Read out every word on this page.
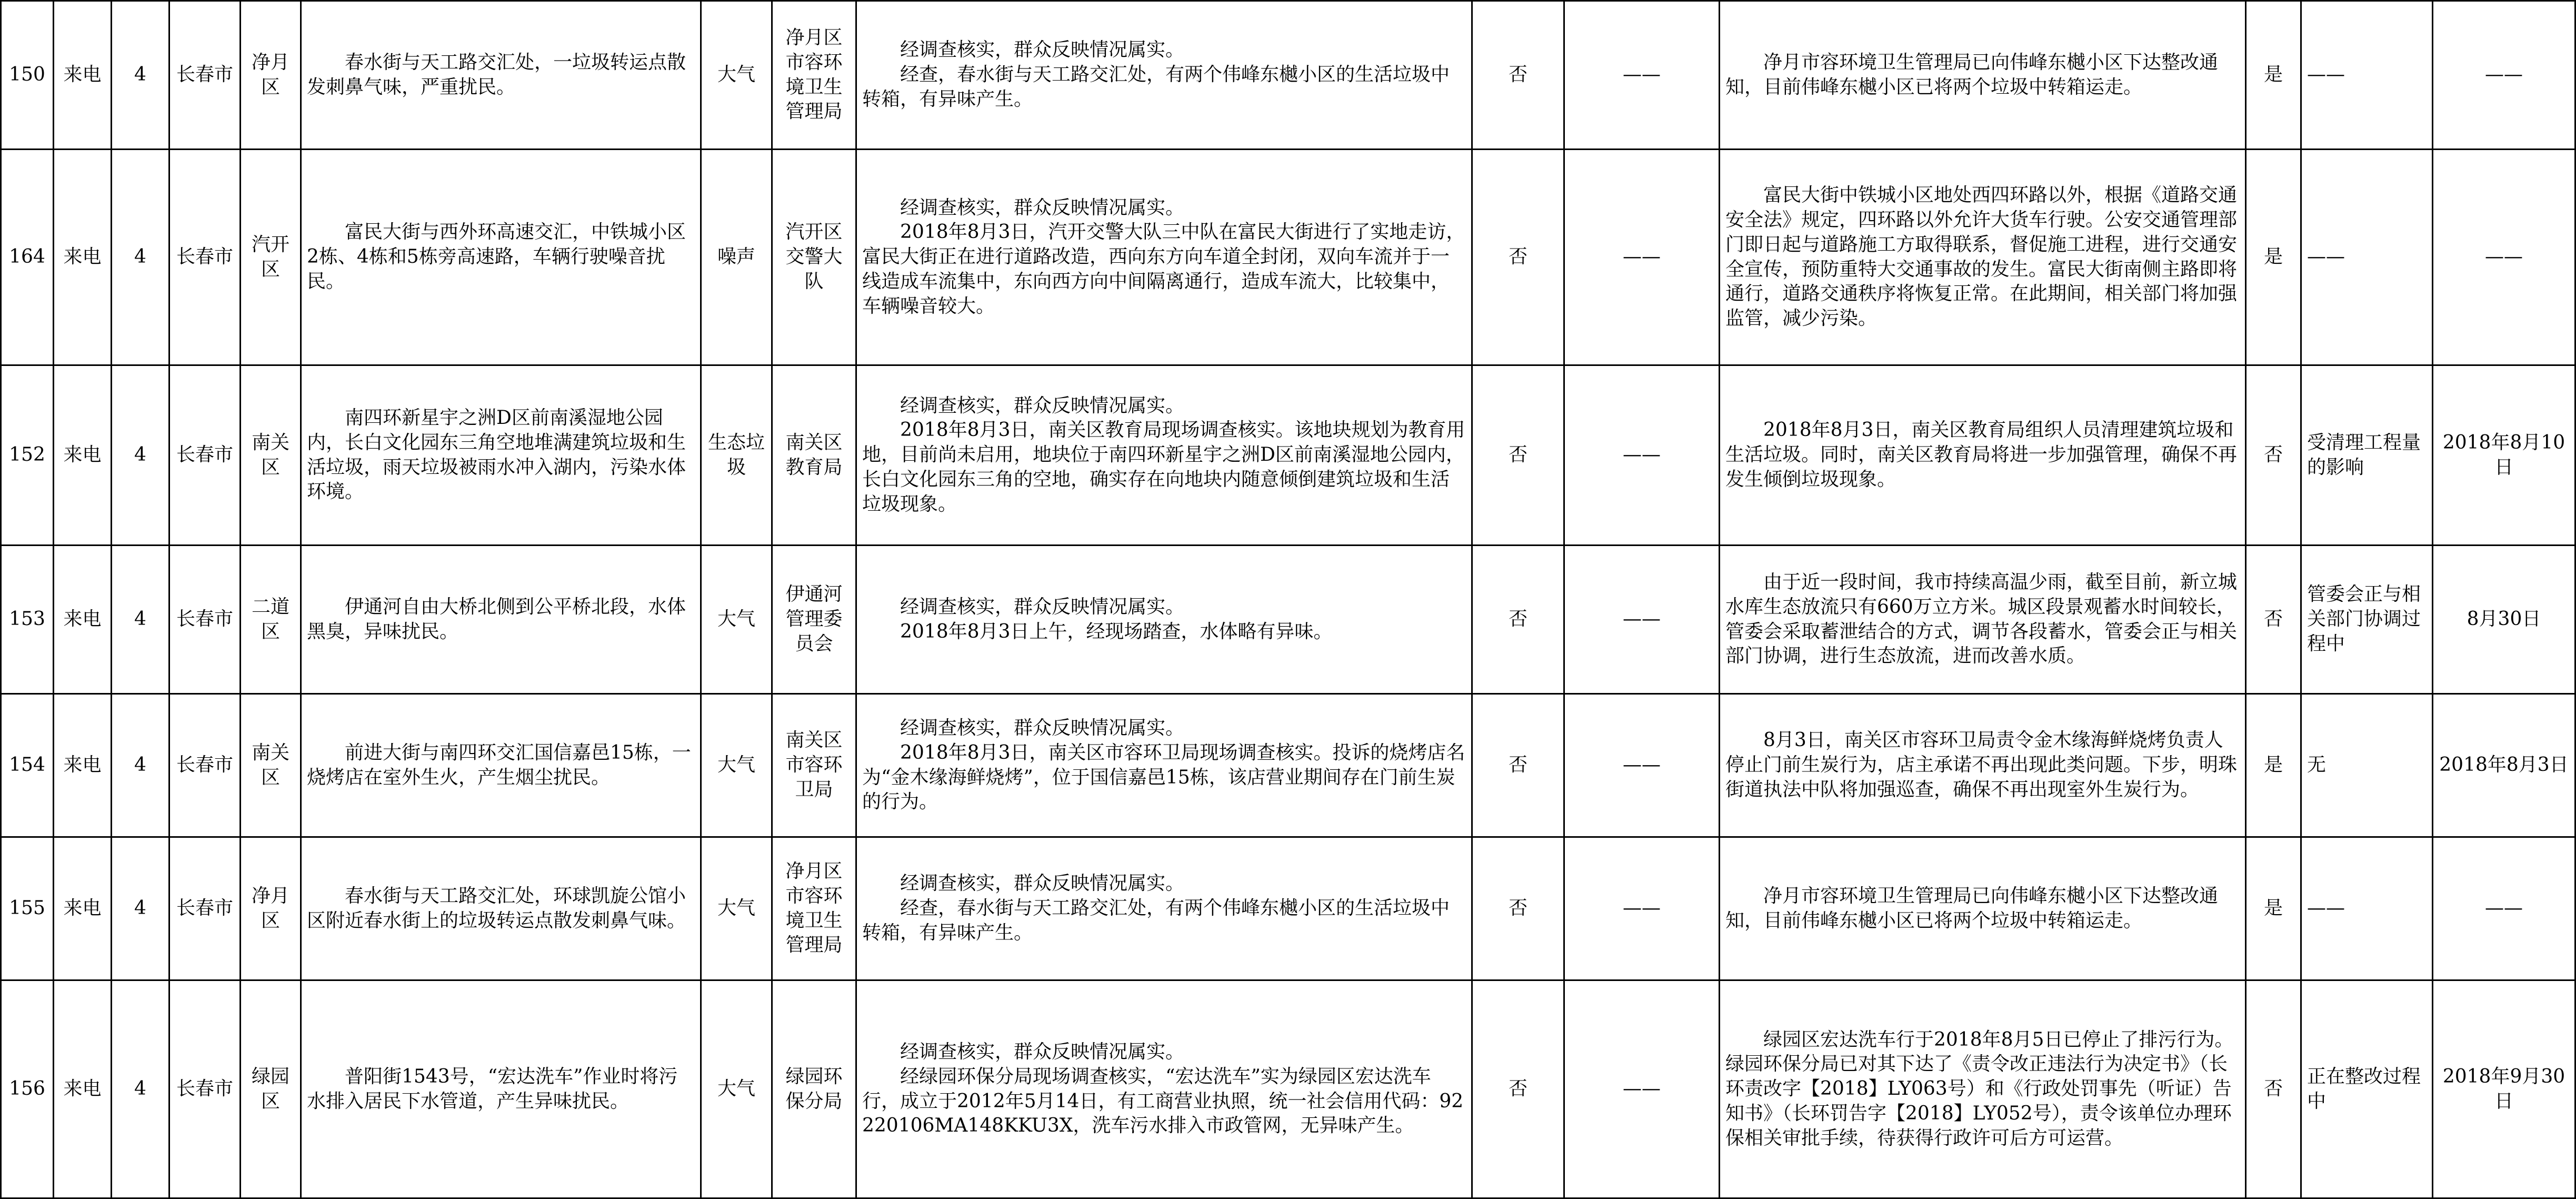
150	来电	4	长春市	净月区	春水街与天工路交汇处，一垃圾转运点散发刺鼻气味，严重扰民。	大气	净月区市容环境卫生管理局	经调查核实，群众反映情况属实。
经查，春水街与天工路交汇处，有两个伟峰东樾小区的生活垃圾中转箱，有异味产生。	否	——	净月市容环境卫生管理局已向伟峰东樾小区下达整改通知，目前伟峰东樾小区已将两个垃圾中转箱运走。	是	——	——
164	来电	4	长春市	汽开区	富民大街与西外环高速交汇，中铁城小区2栋、4栋和5栋旁高速路，车辆行驶噪音扰民。	噪声	汽开区交警大队	经调查核实，群众反映情况属实。
2018年8月3日，汽开交警大队三中队在富民大街进行了实地走访，富民大街正在进行道路改造，西向东方向车道全封闭，双向车流并于一线造成车流集中，东向西方向中间隔离通行，造成车流大，比较集中，车辆噪音较大。	否	——	富民大街中铁城小区地处西四环路以外，根据《道路交通安全法》规定，四环路以外允许大货车行驶。公安交通管理部门即日起与道路施工方取得联系，督促施工进程，进行交通安全宣传，预防重特大交通事故的发生。富民大街南侧主路即将通行，道路交通秩序将恢复正常。在此期间，相关部门将加强监管，减少污染。	是	——	——
152	来电	4	长春市	南关区	南四环新星宇之洲D区前南溪湿地公园内，长白文化园东三角空地堆满建筑垃圾和生活垃圾，雨天垃圾被雨水冲入湖内，污染水体环境。	生态垃圾	南关区教育局	经调查核实，群众反映情况属实。
2018年8月3日，南关区教育局现场调查核实。该地块规划为教育用地，目前尚未启用，地块位于南四环新星宇之洲D区前南溪湿地公园内，长白文化园东三角的空地，确实存在向地块内随意倾倒建筑垃圾和生活垃圾现象。	否	——	2018年8月3日，南关区教育局组织人员清理建筑垃圾和生活垃圾。同时，南关区教育局将进一步加强管理，确保不再发生倾倒垃圾现象。	否	受清理工程量的影响	2018年8月10日
153	来电	4	长春市	二道区	伊通河自由大桥北侧到公平桥北段，水体黑臭，异味扰民。	大气	伊通河管理委员会	经调查核实，群众反映情况属实。
2018年8月3日上午，经现场踏查，水体略有异味。	否	——	由于近一段时间，我市持续高温少雨，截至目前，新立城水库生态放流只有660万立方米。城区段景观蓄水时间较长，管委会采取蓄泄结合的方式，调节各段蓄水，管委会正与相关部门协调，进行生态放流，进而改善水质。	否	管委会正与相关部门协调过程中	8月30日
154	来电	4	长春市	南关区	前进大街与南四环交汇国信嘉邑15栋，一烧烤店在室外生火，产生烟尘扰民。	大气	南关区市容环卫局	经调查核实，群众反映情况属实。
2018年8月3日，南关区市容环卫局现场调查核实。投诉的烧烤店名为“金木缘海鲜烧烤”，位于国信嘉邑15栋，该店营业期间存在门前生炭的行为。	否	——	8月3日，南关区市容环卫局责令金木缘海鲜烧烤负责人停止门前生炭行为，店主承诺不再出现此类问题。下步，明珠街道执法中队将加强巡查，确保不再出现室外生炭行为。	是	无	2018年8月3日
155	来电	4	长春市	净月区	春水街与天工路交汇处，环球凯旋公馆小区附近春水街上的垃圾转运点散发刺鼻气味。	大气	净月区市容环境卫生管理局	经调查核实，群众反映情况属实。
经查，春水街与天工路交汇处，有两个伟峰东樾小区的生活垃圾中转箱，有异味产生。	否	——	净月市容环境卫生管理局已向伟峰东樾小区下达整改通知，目前伟峰东樾小区已将两个垃圾中转箱运走。	是	——	——
156	来电	4	长春市	绿园区	普阳街1543号，“宏达洗车”作业时将污水排入居民下水管道，产生异味扰民。	大气	绿园环保分局	经调查核实，群众反映情况属实。
经绿园环保分局现场调查核实，“宏达洗车”实为绿园区宏达洗车行，成立于2012年5月14日，有工商营业执照，统一社会信用代码：92220106MA148KKU3X，洗车污水排入市政管网，无异味产生。	否	——	绿园区宏达洗车行于2018年8月5日已停止了排污行为。绿园环保分局已对其下达了《责令改正违法行为决定书》（长环责改字【2018】LY063号）和《行政处罚事先（听证）告知书》（长环罚告字【2018】LY052号），责令该单位办理环保相关审批手续，待获得行政许可后方可运营。	否	正在整改过程中	2018年9月30日
